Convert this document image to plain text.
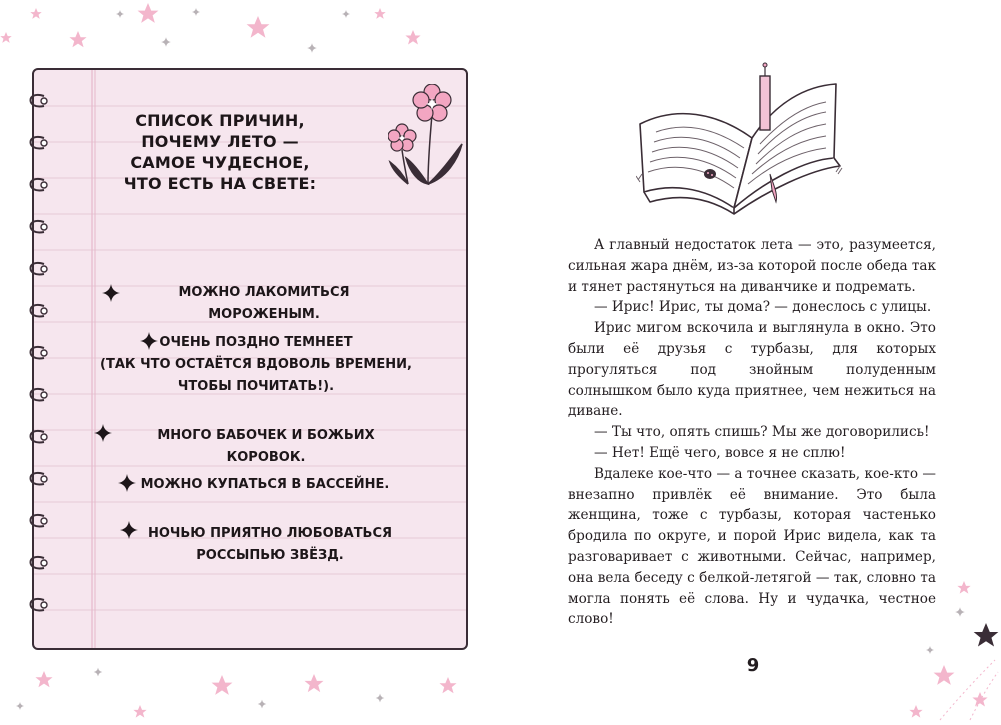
СПИСОК ПРИЧИН,
ПОЧЕМУ ЛЕТО —
САМОЕ ЧУДЕСНОЕ,
ЧТО ЕСТЬ НА СВЕТЕ:
МОЖНО ЛАКОМИТЬСЯ МОРОЖЕНЫМ.
ОЧЕНЬ ПОЗДНО ТЕМНЕЕТ
(ТАК ЧТО ОСТАЁТСЯ ВДОВОЛЬ ВРЕМЕНИ,
ЧТОБЫ ПОЧИТАТЬ!).
МНОГО БАБОЧЕК И БОЖЬИХ КОРОВОК.
МОЖНО КУПАТЬСЯ В БАССЕЙНЕ.
НОЧЬЮ ПРИЯТНО ЛЮБОВАТЬСЯ
РОССЫПЬЮ ЗВЁЗД.

А главный недостаток лета — это, разумеется, сильная жара днём, из-за которой после обеда так и тянет растянуться на диванчике и подремать.

— Ирис! Ирис, ты дома? — донеслось с улицы.

Ирис мигом вскочила и выглянула в окно. Это были её друзья с турбазы, для которых прогуляться под знойным полуденным солнышком было куда приятнее, чем нежиться на диване.

— Ты что, опять спишь? Мы же договорились!

— Нет! Ещё чего, вовсе я не сплю!

Вдалеке кое-что — а точнее сказать, кое-кто — внезапно привлёк её внимание. Это была женщина, тоже с турбазы, которая частенько бродила по округе, и порой Ирис видела, как та разговаривает с животными. Сейчас, например, она вела беседу с белкой-летягой — так, словно та могла понять её слова. Ну и чудачка, честное слово!

9
